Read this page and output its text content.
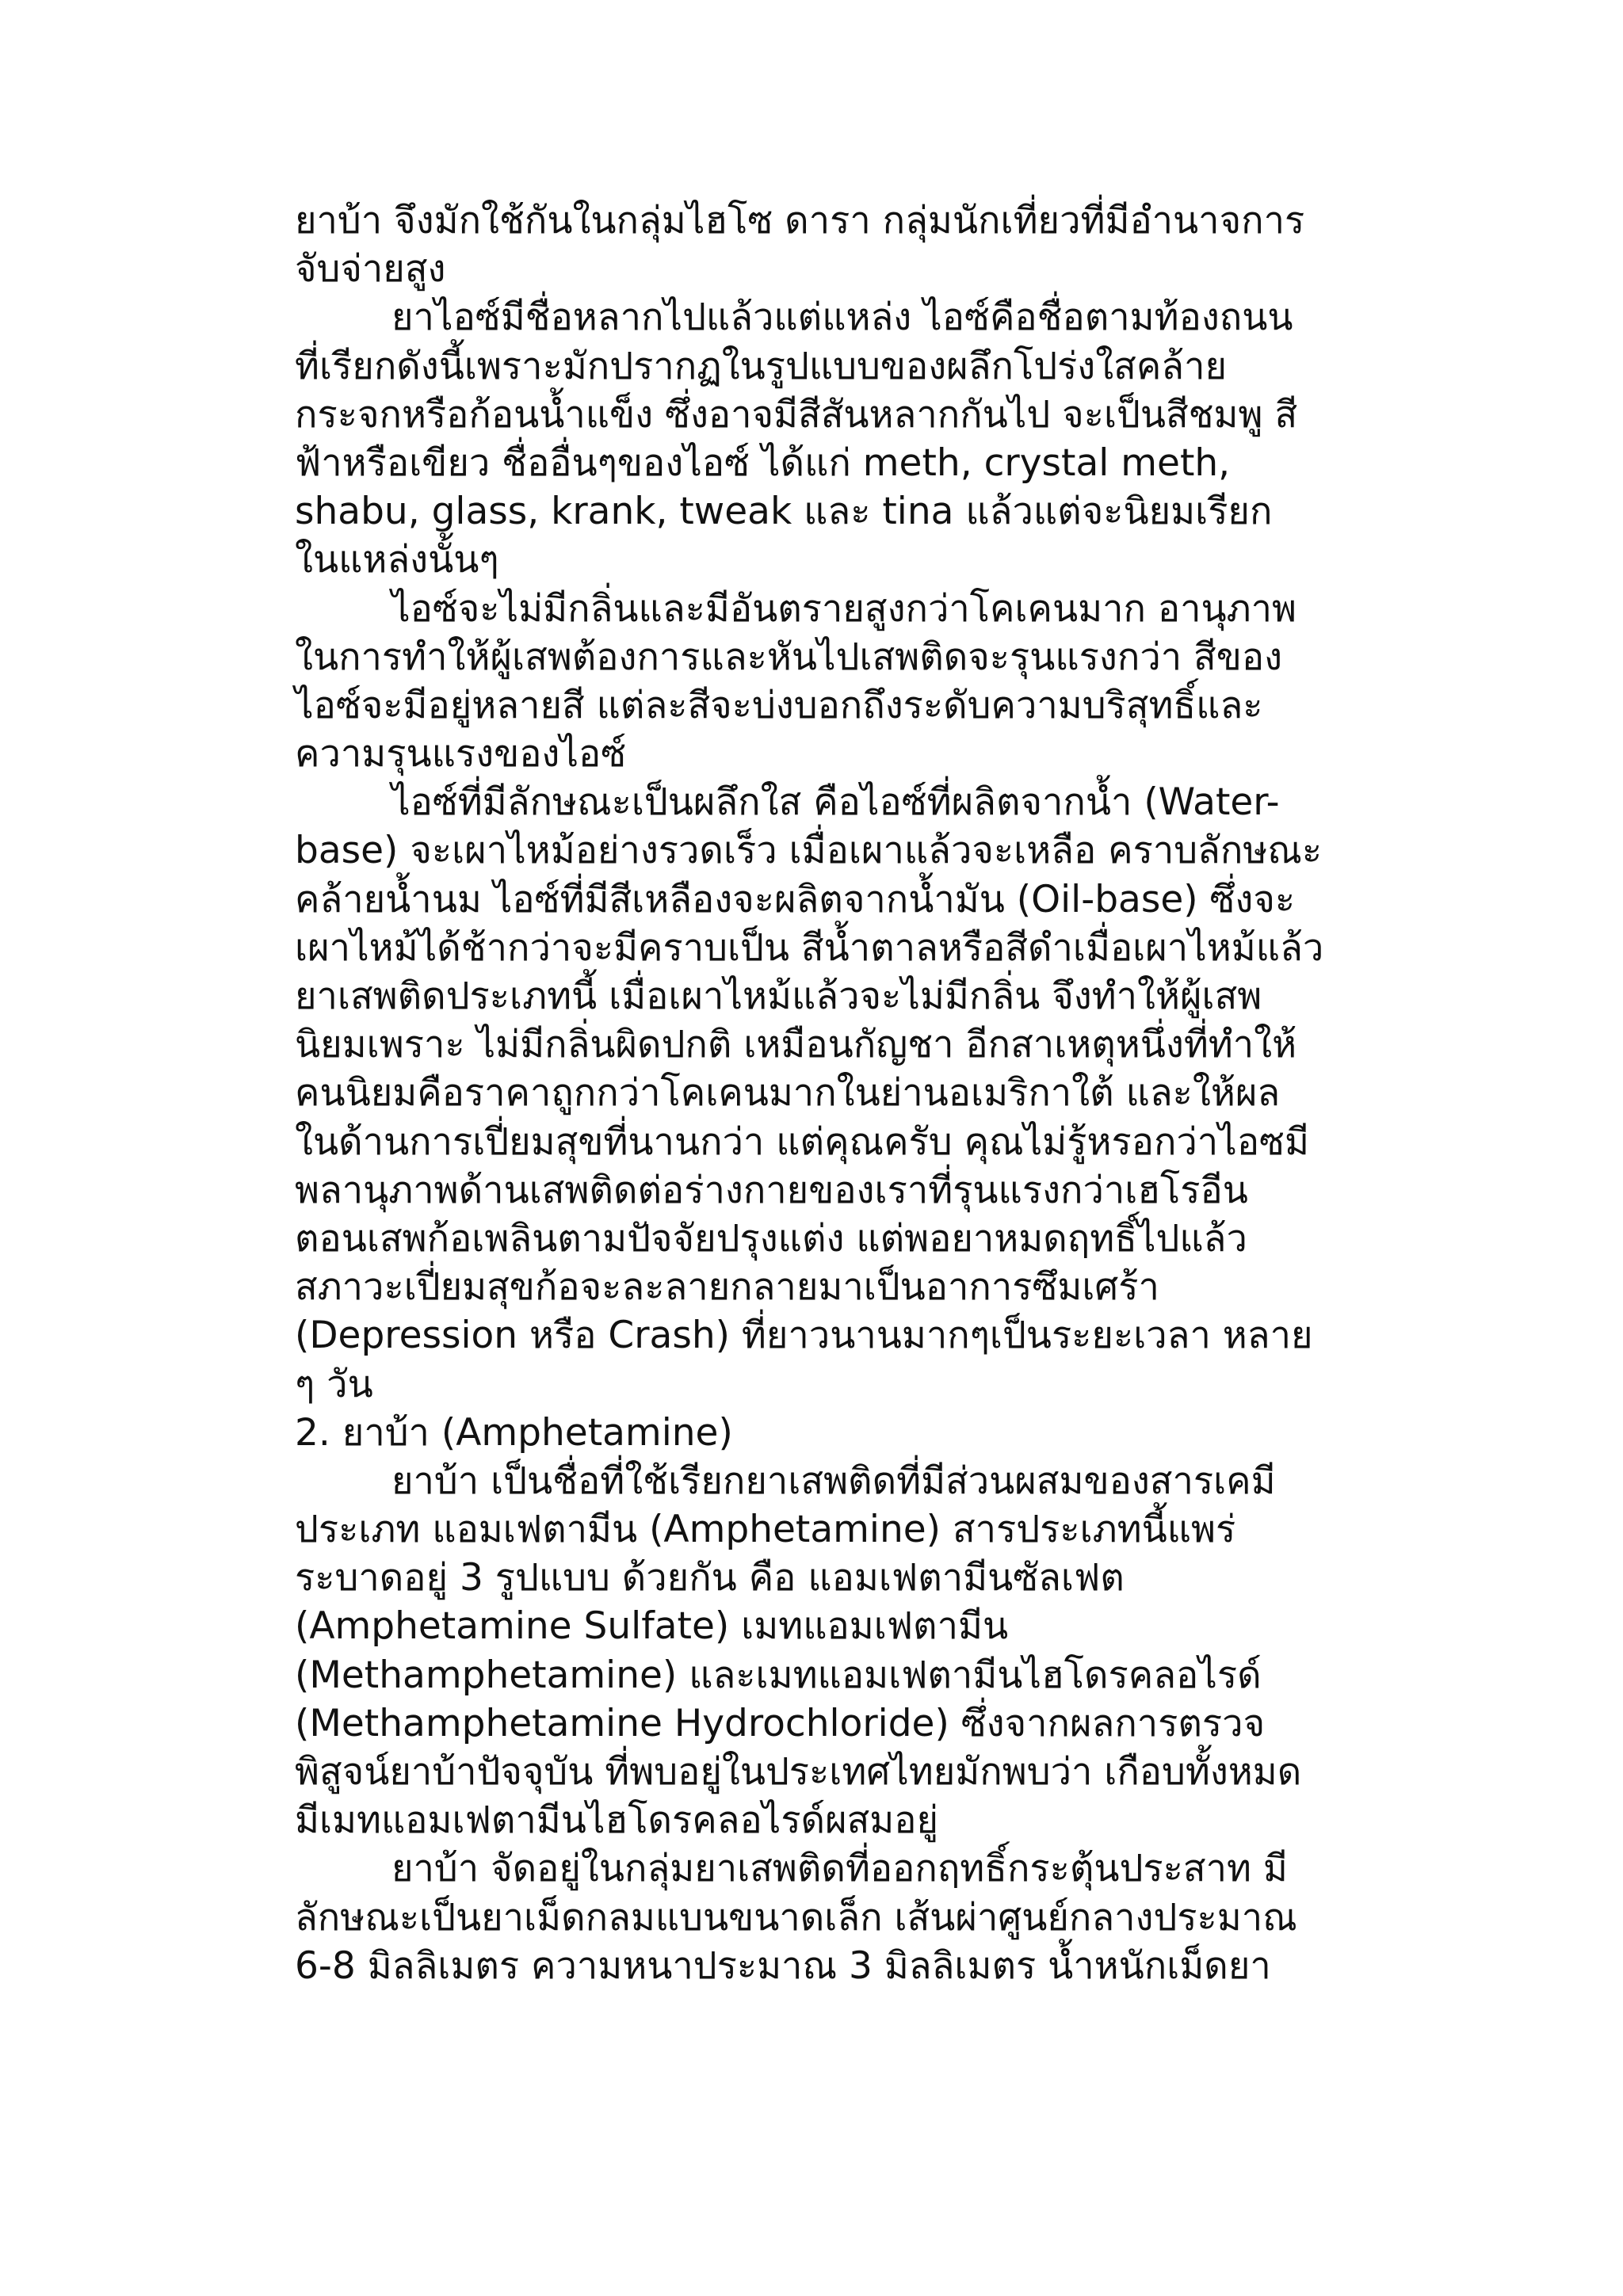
ยาบ้า จึงมักใช้กันในกลุ่มไฮโซ ดารา กลุ่มนักเที่ยวที่มีอำนาจการ
จับจ่ายสูง
ยาไอซ์มีชื่อหลากไปแล้วแต่แหล่ง ไอซ์คือชื่อตามท้องถนน
ที่เรียกดังนี้เพราะมักปรากฏในรูปแบบของผลึกโปร่งใสคล้าย
กระจกหรือก้อนน้ำแข็ง ซึ่งอาจมีสีสันหลากกันไป จะเป็นสีชมพู สี
ฟ้าหรือเขียว ชื่ออื่นๆของไอซ์ ได้แก่ meth, crystal meth,
shabu, glass, krank, tweak และ tina แล้วแต่จะนิยมเรียก
ในแหล่งนั้นๆ
ไอซ์จะไม่มีกลิ่นและมีอันตรายสูงกว่าโคเคนมาก อานุภาพ
ในการทำให้ผู้เสพต้องการและหันไปเสพติดจะรุนแรงกว่า สีของ
ไอซ์จะมีอยู่หลายสี แต่ละสีจะบ่งบอกถึงระดับความบริสุทธิ์และ
ความรุนแรงของไอซ์
ไอซ์ที่มีลักษณะเป็นผลึกใส คือไอซ์ที่ผลิตจากน้ำ (Water-
base) จะเผาไหม้อย่างรวดเร็ว เมื่อเผาแล้วจะเหลือ คราบลักษณะ
คล้ายน้ำนม ไอซ์ที่มีสีเหลืองจะผลิตจากน้ำมัน (Oil-base) ซึ่งจะ
เผาไหม้ได้ช้ากว่าจะมีคราบเป็น สีน้ำตาลหรือสีดำเมื่อเผาไหม้แล้ว
ยาเสพติดประเภทนี้ เมื่อเผาไหม้แล้วจะไม่มีกลิ่น จึงทำให้ผู้เสพ
นิยมเพราะ ไม่มีกลิ่นผิดปกติ เหมือนกัญชา อีกสาเหตุหนึ่งที่ทำให้
คนนิยมคือราคาถูกกว่าโคเคนมากในย่านอเมริกาใต้ และให้ผล
ในด้านการเปี่ยมสุขที่นานกว่า แต่คุณครับ คุณไม่รู้หรอกว่าไอซมี
พลานุภาพด้านเสพติดต่อร่างกายของเราที่รุนแรงกว่าเฮโรอีน
ตอนเสพก้อเพลินตามปัจจัยปรุงแต่ง แต่พอยาหมดฤทธิ์ไปแล้ว
สภาวะเปี่ยมสุขก้อจะละลายกลายมาเป็นอาการซึมเศร้า
(Depression หรือ Crash) ที่ยาวนานมากๆเป็นระยะเวลา หลาย
ๆ วัน
2. ยาบ้า (Amphetamine)
ยาบ้า เป็นชื่อที่ใช้เรียกยาเสพติดที่มีส่วนผสมของสารเคมี
ประเภท แอมเฟตามีน (Amphetamine) สารประเภทนี้แพร่
ระบาดอยู่ 3 รูปแบบ ด้วยกัน คือ แอมเฟตามีนซัลเฟต
(Amphetamine Sulfate) เมทแอมเฟตามีน
(Methamphetamine) และเมทแอมเฟตามีนไฮโดรคลอไรด์
(Methamphetamine Hydrochloride) ซึ่งจากผลการตรวจ
พิสูจน์ยาบ้าปัจจุบัน ที่พบอยู่ในประเทศไทยมักพบว่า เกือบทั้งหมด
มีเมทแอมเฟตามีนไฮโดรคลอไรด์ผสมอยู่
ยาบ้า จัดอยู่ในกลุ่มยาเสพติดที่ออกฤทธิ์กระตุ้นประสาท มี
ลักษณะเป็นยาเม็ดกลมแบนขนาดเล็ก เส้นผ่าศูนย์กลางประมาณ
6-8 มิลลิเมตร ความหนาประมาณ 3 มิลลิเมตร น้ำหนักเม็ดยา
